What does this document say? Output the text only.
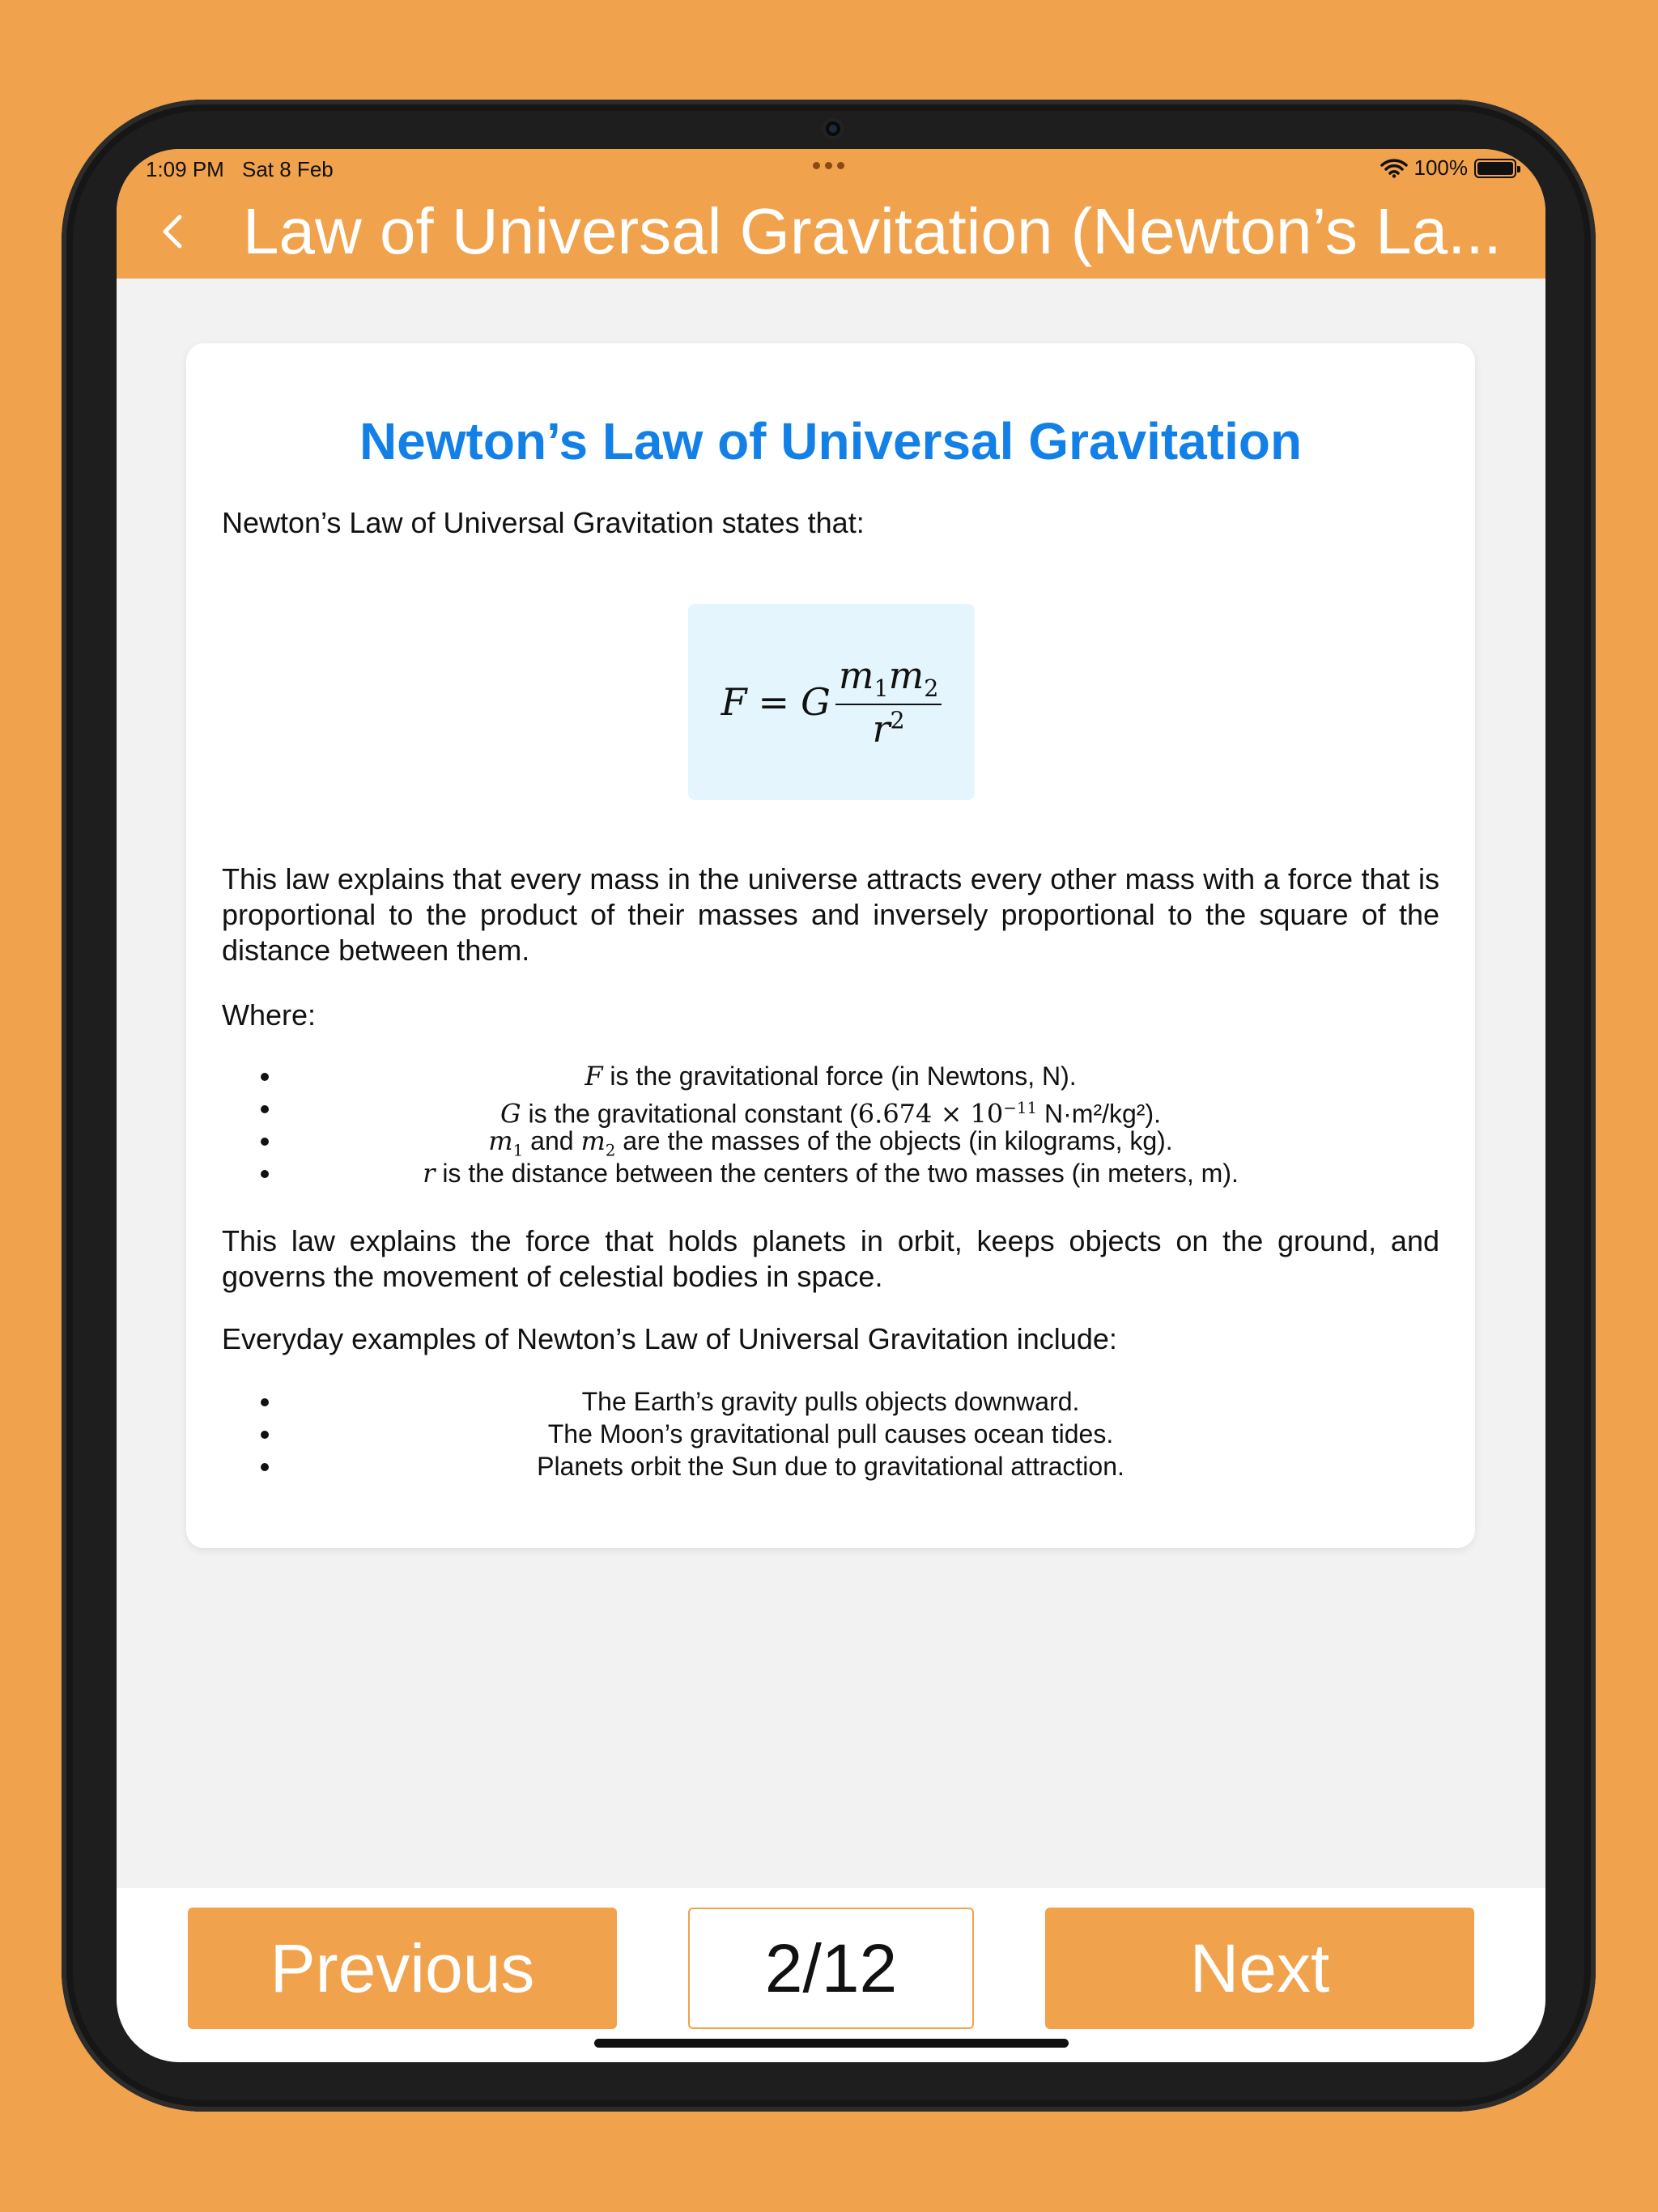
1:09 PM Sat 8 Feb	100%
Law of Universal Gravitation (Newton’s La...
Newton’s Law of Universal Gravitation
Newton’s Law of Universal Gravitation states that:
F = G $\frac{m_1m_2}{r^2}$
This law explains that every mass in the universe attracts every other mass with a force that is proportional to the product of their masses and inversely proportional to the square of the distance between them.
Where:
F is the gravitational force (in Newtons, N).
G is the gravitational constant ($6.674 \times 10^{-11}$ N·m²/kg²).
$m_1$ and $m_2$ are the masses of the objects (in kilograms, kg).
r is the distance between the centers of the two masses (in meters, m).
This law explains the force that holds planets in orbit, keeps objects on the ground, and governs the movement of celestial bodies in space.
Everyday examples of Newton’s Law of Universal Gravitation include:
The Earth’s gravity pulls objects downward.
The Moon’s gravitational pull causes ocean tides.
Planets orbit the Sun due to gravitational attraction.
Previous	2/12	Next
